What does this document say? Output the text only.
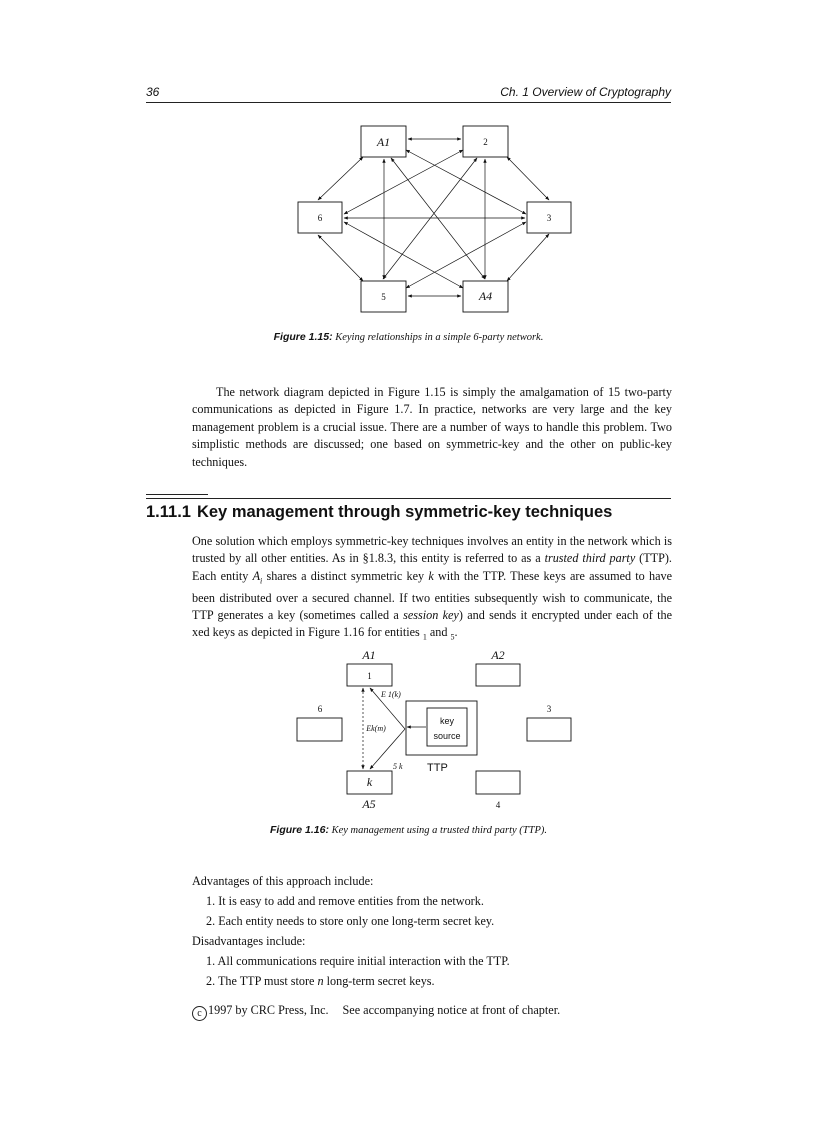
36	Ch. 1 Overview of Cryptography
A1	2
3
A4
5
6
Figure 1.15: Keying relationships in a simple 6-party network.

The network diagram depicted in Figure 1.15 is simply the amalgamation of 15 two-party communications as depicted in Figure 1.7. In practice, networks are very large and the key management problem is a crucial issue. There are a number of ways to handle this problem. Two simplistic methods are discussed; one based on symmetric-key and the other on public-key techniques.

1.11.1 Key management through symmetric-key techniques

One solution which employs symmetric-key techniques involves an entity in the network which is trusted by all other entities. As in §1.8.3, this entity is referred to as a trusted third party (TTP). Each entity $A_i$ shares a distinct symmetric key k with the TTP. These keys are assumed to have been distributed over a secured channel. If two entities subsequently wish to communicate, the TTP generates a key (sometimes called a session key) and sends it encrypted under each of the xed keys as depicted in Figure 1.16 for entities $_1$ and $_5$.

A1
1
A2
6	3
E 1(k)
Ek(m)
key
source
5 k TTP
k
A5	4
Figure 1.16: Key management using a trusted third party (TTP).
Advantages of this approach include:
1. It is easy to add and remove entities from the network.
2. Each entity needs to store only one long-term secret key.
Disadvantages include:
1. All communications require initial interaction with the TTP.
2. The TTP must store n long-term secret keys.
c 1997 by CRC Press, Inc. See accompanying notice at front of chapter.
